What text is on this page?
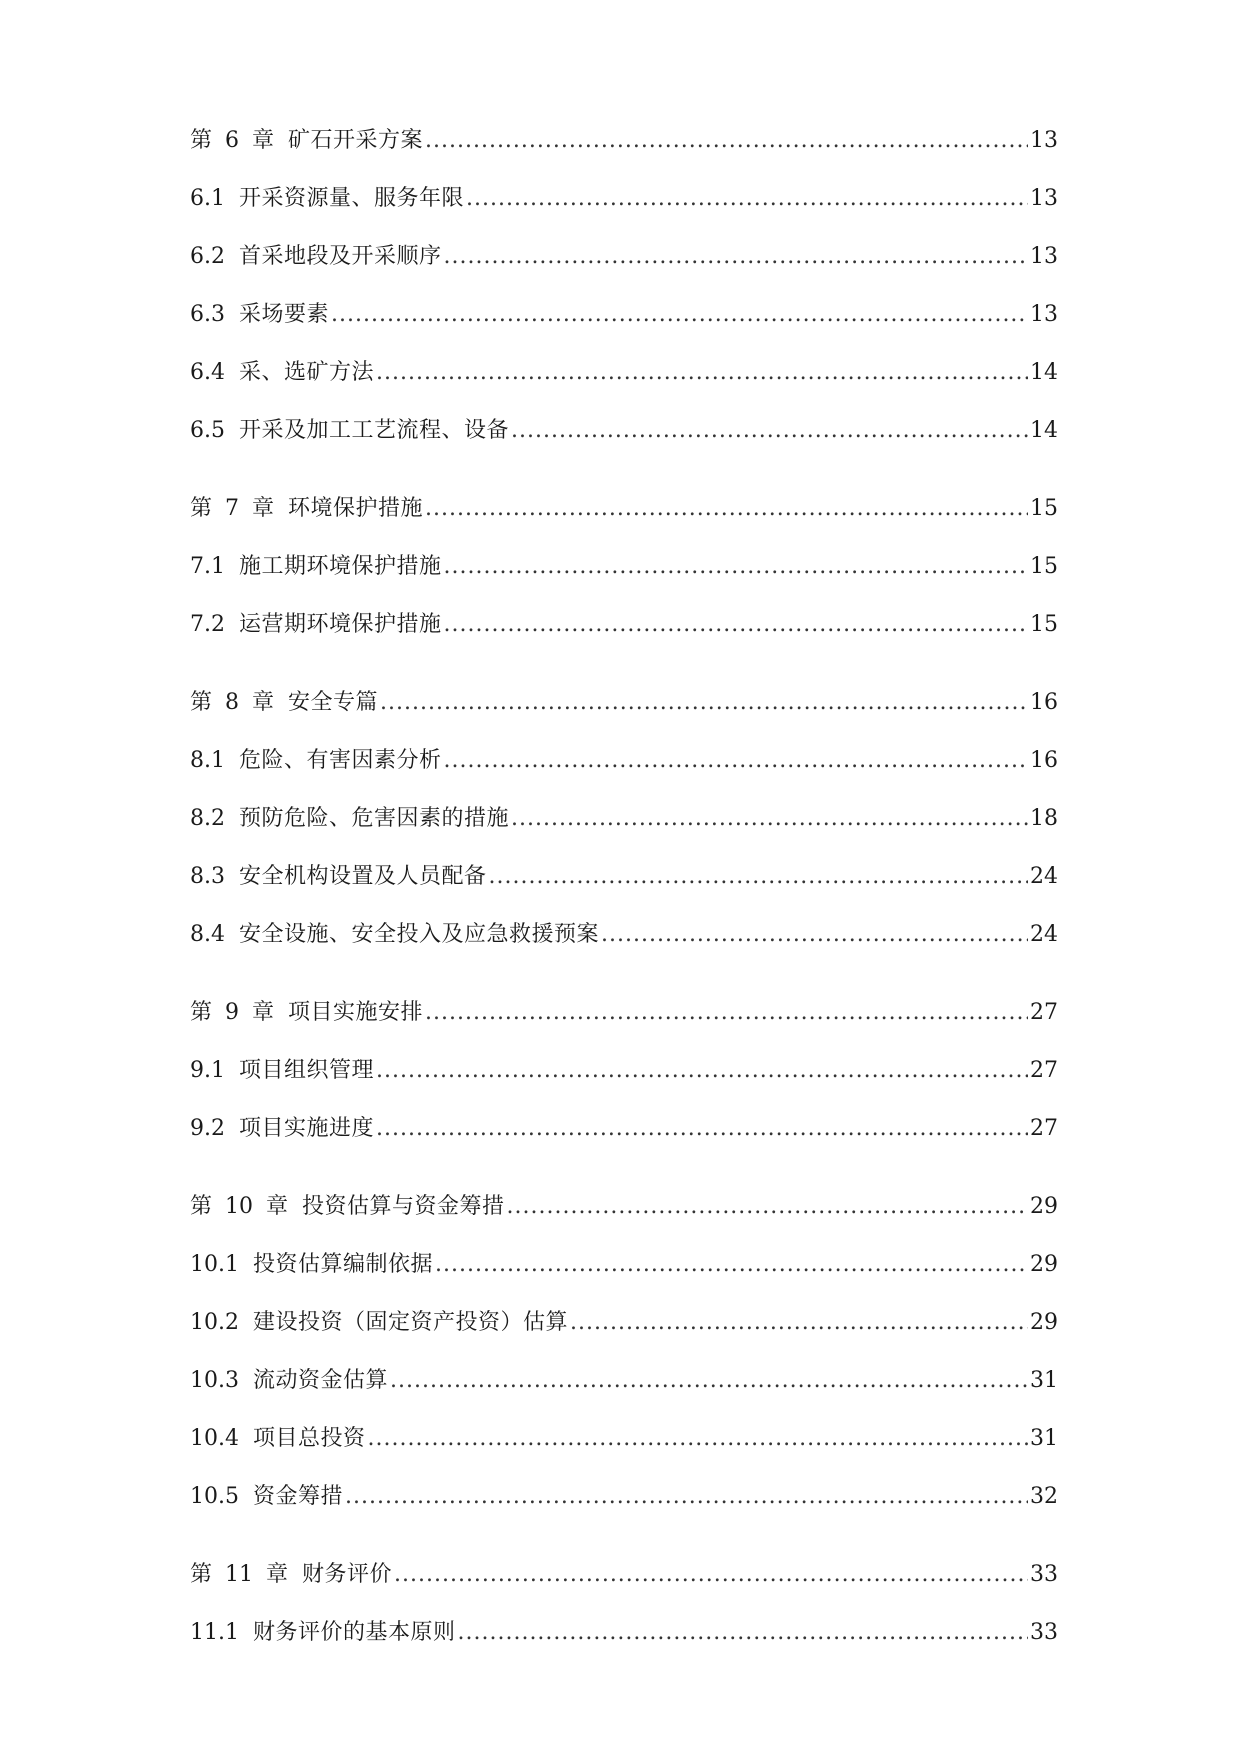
第 6 章 矿石开采方案 .....	13
6.1 开采资源量、服务年限 .....	13
6.2 首采地段及开采顺序 .....	13
6.3 采场要素 .....	13
6.4 采、选矿方法 .....	14
6.5 开采及加工工艺流程、设备 .....	14
第 7 章 环境保护措施 .....	15
7.1 施工期环境保护措施 .....	15
7.2 运营期环境保护措施 .....	15
第 8 章 安全专篇 .....	16
8.1 危险、有害因素分析 .....	16
8.2 预防危险、危害因素的措施 .....	18
8.3 安全机构设置及人员配备 .....	24
8.4 安全设施、安全投入及应急救援预案 .....	24
第 9 章 项目实施安排 .....	27
9.1 项目组织管理 .....	27
9.2 项目实施进度 .....	27
第 10 章 投资估算与资金筹措 .....	29
10.1 投资估算编制依据 .....	29
10.2 建设投资（固定资产投资）估算 .....	29
10.3 流动资金估算 .....	31
10.4 项目总投资 .....	31
10.5 资金筹措 .....	32
第 11 章 财务评价 .....	33
11.1 财务评价的基本原则 .....	33
